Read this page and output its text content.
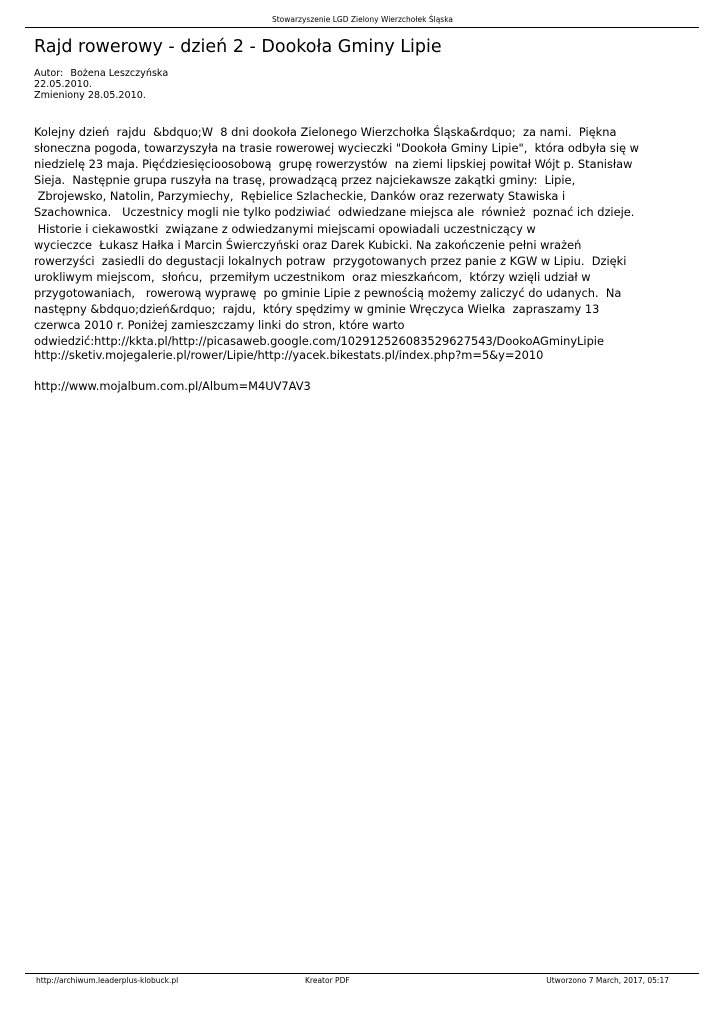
Stowarzyszenie LGD Zielony Wierzchołek Śląska
Rajd rowerowy - dzień 2 - Dookoła Gminy Lipie
Autor: Bożena Leszczyńska
22.05.2010.
Zmieniony 28.05.2010.
Kolejny dzień  rajdu  &bdquo;W  8 dni dookoła Zielonego Wierzchołka Śląska&rdquo;  za nami.  Piękna
słoneczna pogoda, towarzyszyła na trasie rowerowej wycieczki "Dookoła Gminy Lipie",  która odbyła się w
niedzielę 23 maja. Pięćdziesięcioosobową  grupę rowerzystów  na ziemi lipskiej powitał Wójt p. Stanisław
Sieja.  Następnie grupa ruszyła na trasę, prowadzącą przez najciekawsze zakątki gminy:  Lipie,
Zbrojewsko, Natolin, Parzymiechy,  Rębielice Szlacheckie, Danków oraz rezerwaty Stawiska i
Szachownica.   Uczestnicy mogli nie tylko podziwiać  odwiedzane miejsca ale  również  poznać ich dzieje.
Historie i ciekawostki  związane z odwiedzanymi miejscami opowiadali uczestniczący w
wycieczce  Łukasz Hałka i Marcin Świerczyński oraz Darek Kubicki. Na zakończenie pełni wrażeń
rowerzyści  zasiedli do degustacji lokalnych potraw  przygotowanych przez panie z KGW w Lipiu.  Dzięki
urokliwym miejscom,  słońcu,  przemiłym uczestnikom  oraz mieszkańcom,  którzy wzięli udział w
przygotowaniach,   rowerową wyprawę  po gminie Lipie z pewnością możemy zaliczyć do udanych.  Na
następny &bdquo;dzień&rdquo;  rajdu,  który spędzimy w gminie Wręczyca Wielka  zapraszamy 13
czerwca 2010 r. Poniżej zamieszczamy linki do stron, które warto
odwiedzić:http://kkta.pl/http://picasaweb.google.com/102912526083529627543/DookoAGminyLipie
http://sketiv.mojegalerie.pl/rower/Lipie/http://yacek.bikestats.pl/index.php?m=5&y=2010
http://www.mojalbum.com.pl/Album=M4UV7AV3
http://archiwum.leaderplus-klobuck.pl	Kreator PDF	Utworzono 7 March, 2017, 05:17
